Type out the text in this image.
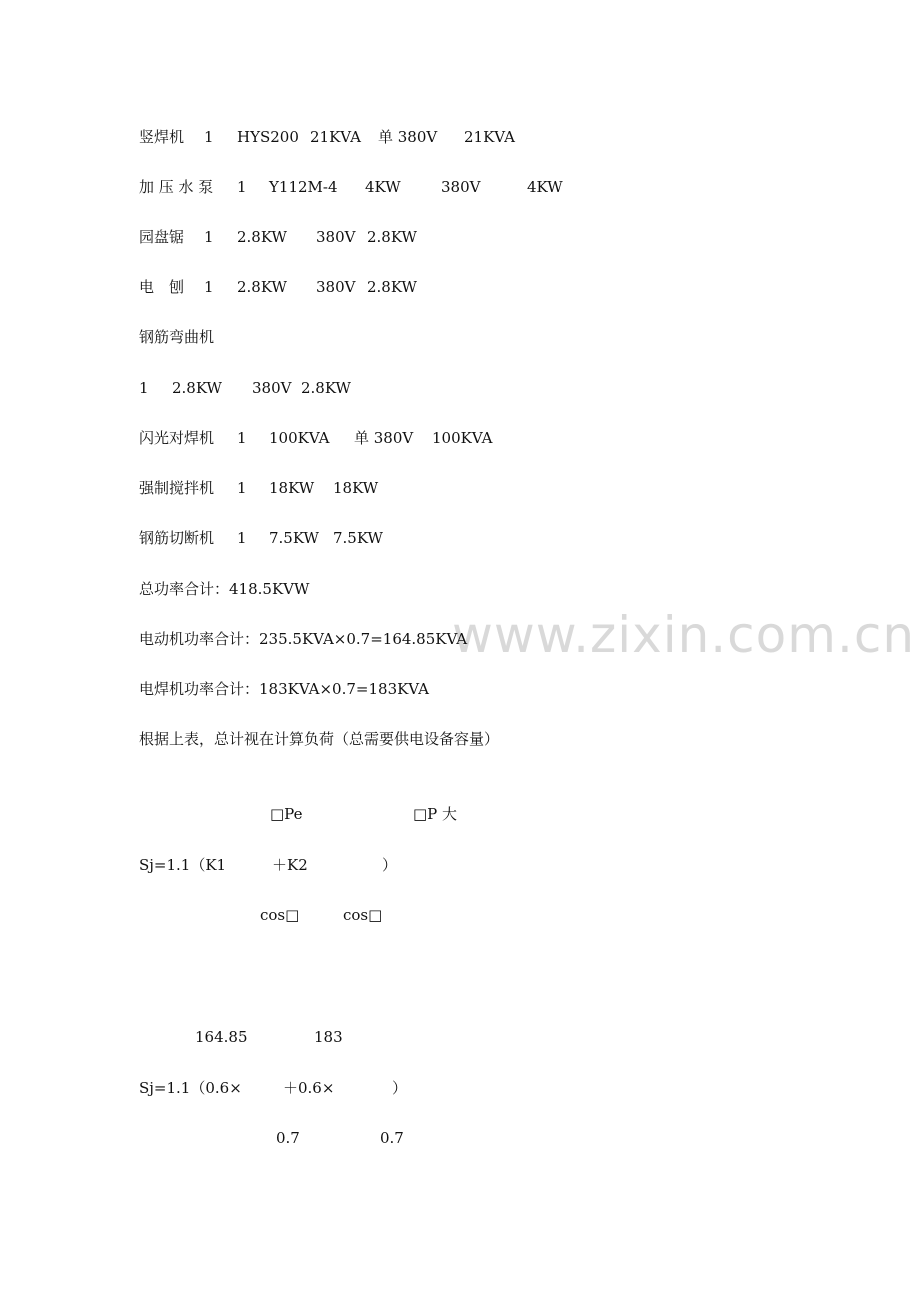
www.zixin.com.cn
竖焊机 1 HYS200 21KVA 单 380V 21KVA
加 压 水 泵 1 Y112M-4 4KW	380V	4KW
园盘锯 1 2.8KW 380V 2.8KW
电　刨 1 2.8KW 380V 2.8KW
钢筋弯曲机
1 2.8KW 380V 2.8KW
闪光对焊机 1 100KVA 单 380V 100KVA
强制搅拌机 1 18KW 18KW
钢筋切断机 1 7.5KW 7.5KW
总功率合计：418.5KVW
电动机功率合计：235.5KVA×0.7=164.85KVA
电焊机功率合计：183KVA×0.7=183KVA
根据上表，总计视在计算负荷（总需要供电设备容量）
□Pe	□P 大
Sj=1.1（K1	＋K2	）
cos□	cos□
164.85	183
Sj=1.1（0.6×	＋0.6×	）
0.7	0.7
